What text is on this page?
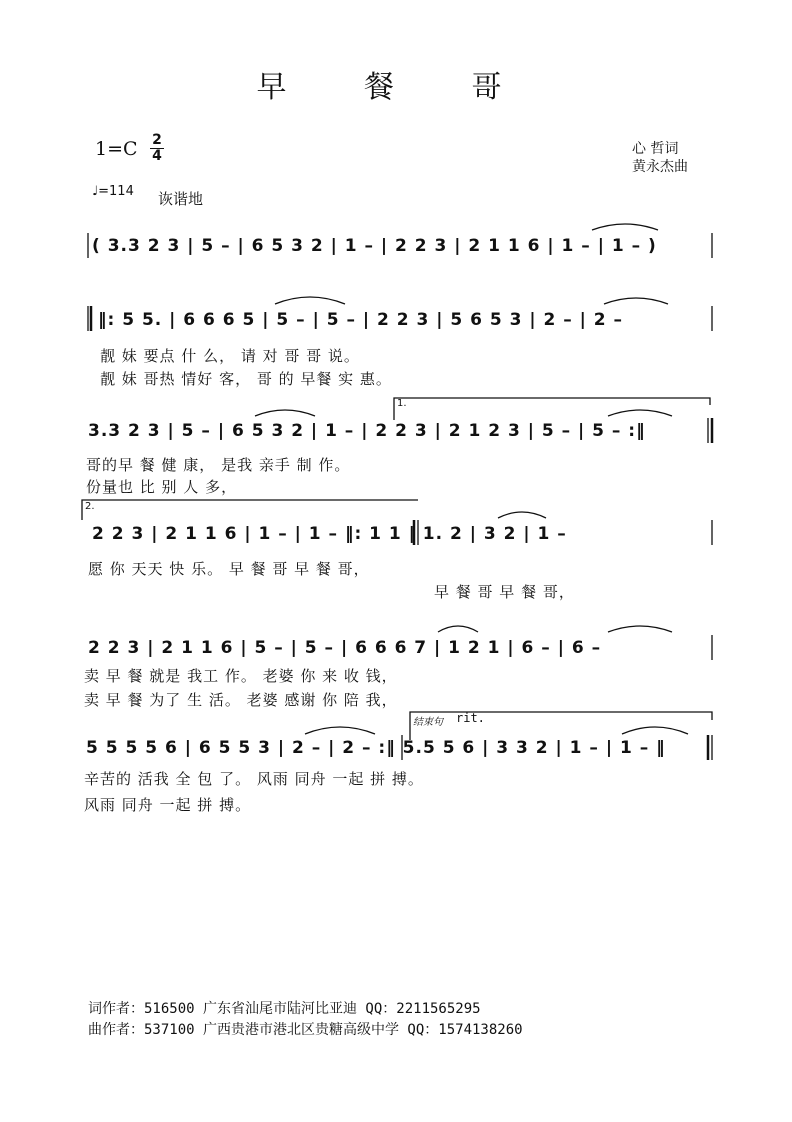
早 餐 哥
1=C 2
4	心 哲词
黄永杰曲
♩=114 诙谐地
( 3.3 2 3 | 5 – | 6 5 3 2 | 1 – | 2 2 3 | 2 1 1 6 | 1 – | 1 – )
‖: 5 5. | 6 6 6 5 | 5 – | 5 – | 2 2 3 | 5 6 5 3 | 2 – | 2 –
靓 妹 要点 什 么， 请 对 哥 哥 说。
靓 妹 哥热 情好 客， 哥 的 早餐 实 惠。
1.
3.3 2 3 | 5 – | 6 5 3 2 | 1 – | 2 2 3 | 2 1 2 3 | 5 – | 5 – :‖
哥的早 餐 健 康， 是我 亲手 制 作。
份量也 比 别 人 多，
2.
2 2 3 | 2 1 1 6 | 1 – | 1 – ‖: 1 1 | 1. 2 | 3 2 | 1 –
愿 你 天天 快 乐。 早 餐 哥 早 餐 哥，
早 餐 哥 早 餐 哥，
2 2 3 | 2 1 1 6 | 5 – | 5 – | 6 6 6 7 | 1 2 1 | 6 – | 6 –
卖 早 餐 就是 我工 作。 老婆 你 来 收 钱，
卖 早 餐 为了 生 活。 老婆 感谢 你 陪 我，
结束句 rit.
5 5 5 5 6 | 6 5 5 3 | 2 – | 2 – :‖ 5.5 5 6 | 3 3 2 | 1 – | 1 – ‖
辛苦的 活我 全 包 了。 风雨 同舟 一起 拼 搏。
风雨 同舟 一起 拼 搏。
词作者：516500 广东省汕尾市陆河比亚迪 QQ：2211565295
曲作者：537100 广西贵港市港北区贵糖高级中学 QQ：1574138260
